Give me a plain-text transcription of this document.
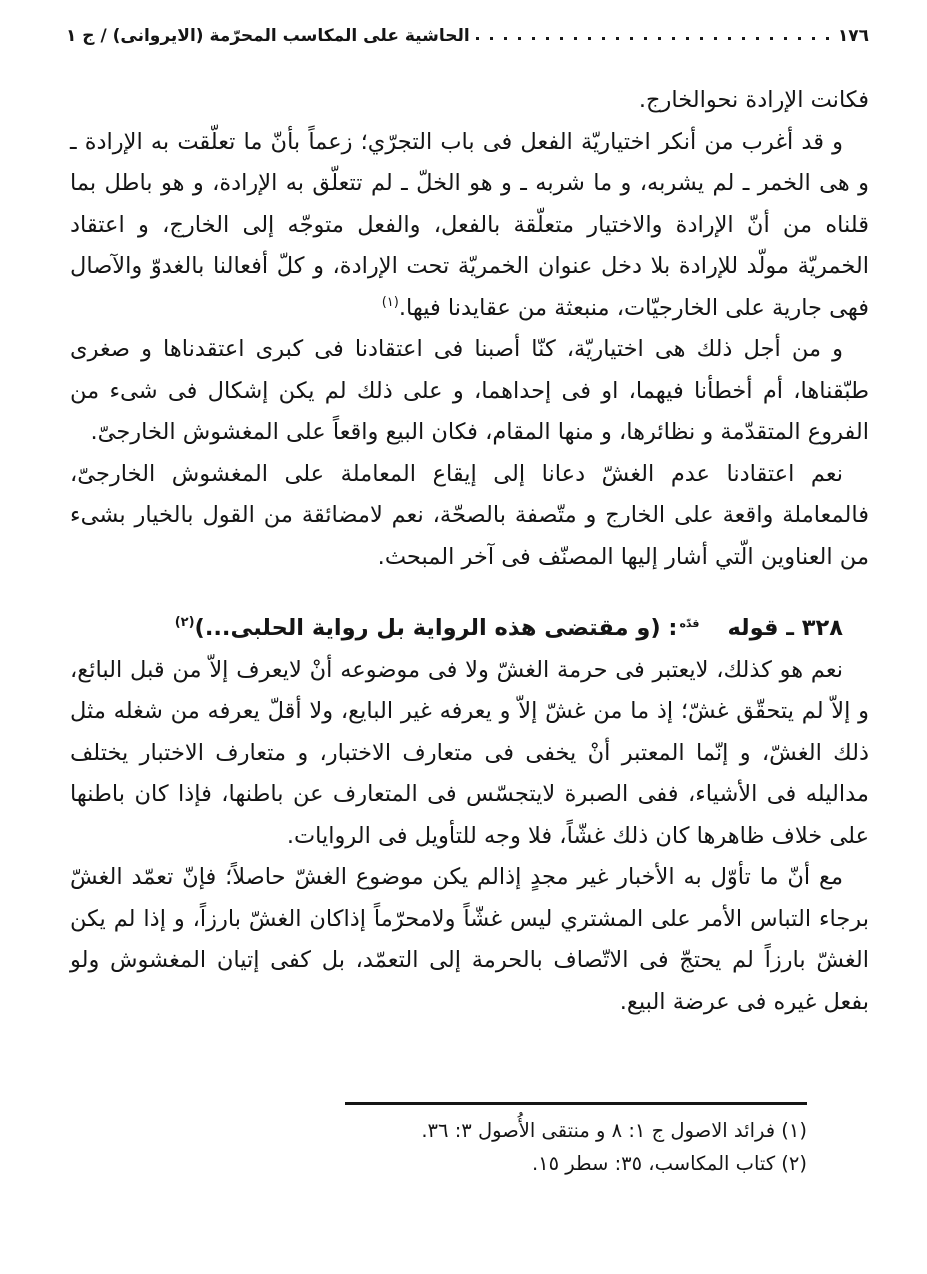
الحاشية على المكاسب المحرّمة (الايروانى) / ج ١	١٧٦

فكانت الإرادة نحوالخارج.

و قد أغرب من أنكر اختياريّة الفعل فى باب التجرّي؛ زعماً بأنّ ما تعلّقت به الإرادة ـ و هى الخمر ـ لم يشربه، و ما شربه ـ و هو الخلّ ـ لم تتعلّق به الإرادة، و هو باطل بما قلناه من أنّ الإرادة والاختيار متعلّقة بالفعل، والفعل متوجّه إلى الخارج، و اعتقاد الخمريّة مولّد للإرادة بلا دخل عنوان الخمريّة تحت الإرادة، و كلّ أفعالنا بالغدوّ والآصال فهى جارية على الخارجيّات، منبعثة من عقايدنا فيها.$^{(١)}$

و من أجل ذلك هى اختياريّة، كنّا أصبنا فى اعتقادنا فى كبرى اعتقدناها و صغرى طبّقناها، أم أخطأنا فيهما، او فى إحداهما، و على ذلك لم يكن إشكال فى شىء من الفروع المتقدّمة و نظائرها، و منها المقام، فكان البيع واقعاً على المغشوش الخارجىّ.

نعم اعتقادنا عدم الغشّ دعانا إلى إيقاع المعاملة على المغشوش الخارجىّ، فالمعاملة واقعة على الخارج و متّصفة بالصحّة، نعم لامضائقة من القول بالخيار بشىء من العناوين الّتي أشار إليها المصنّف فى آخر المبحث.

٣٢٨ ـ قولهقدّه: (و مقتضى هذه الرواية بل رواية الحلبى...)$^{(٢)}$

نعم هو كذلك، لايعتبر فى حرمة الغشّ ولا فى موضوعه أنْ لايعرف إلاّ من قبل البائع، و إلاّ لم يتحقّق غشّ؛ إذ ما من غشّ إلاّ و يعرفه غير البايع، ولا أقلّ يعرفه من شغله مثل ذلك الغشّ، و إنّما المعتبر أنْ يخفى فى متعارف الاختبار، و متعارف الاختبار يختلف مداليله فى الأشياء، ففى الصبرة لايتجسّس فى المتعارف عن باطنها، فإذا كان باطنها على خلاف ظاهرها كان ذلك غشّاً، فلا وجه للتأويل فى الروايات.

مع أنّ ما تأوّل به الأخبار غير مجدٍ إذالم يكن موضوع الغشّ حاصلاً؛ فإنّ تعمّد الغشّ برجاء التباس الأمر على المشتري ليس غشّاً ولامحرّماً إذاكان الغشّ بارزاً، و إذا لم يكن الغشّ بارزاً لم يحتجّ فى الاتّصاف بالحرمة إلى التعمّد، بل كفى إتيان المغشوش ولو بفعل غيره فى عرضة البيع.

(١) فرائد الاصول ج ١: ٨ و منتقى الأُصول ٣: ٣٦.

(٢) كتاب المكاسب، ٣٥: سطر ١٥.
